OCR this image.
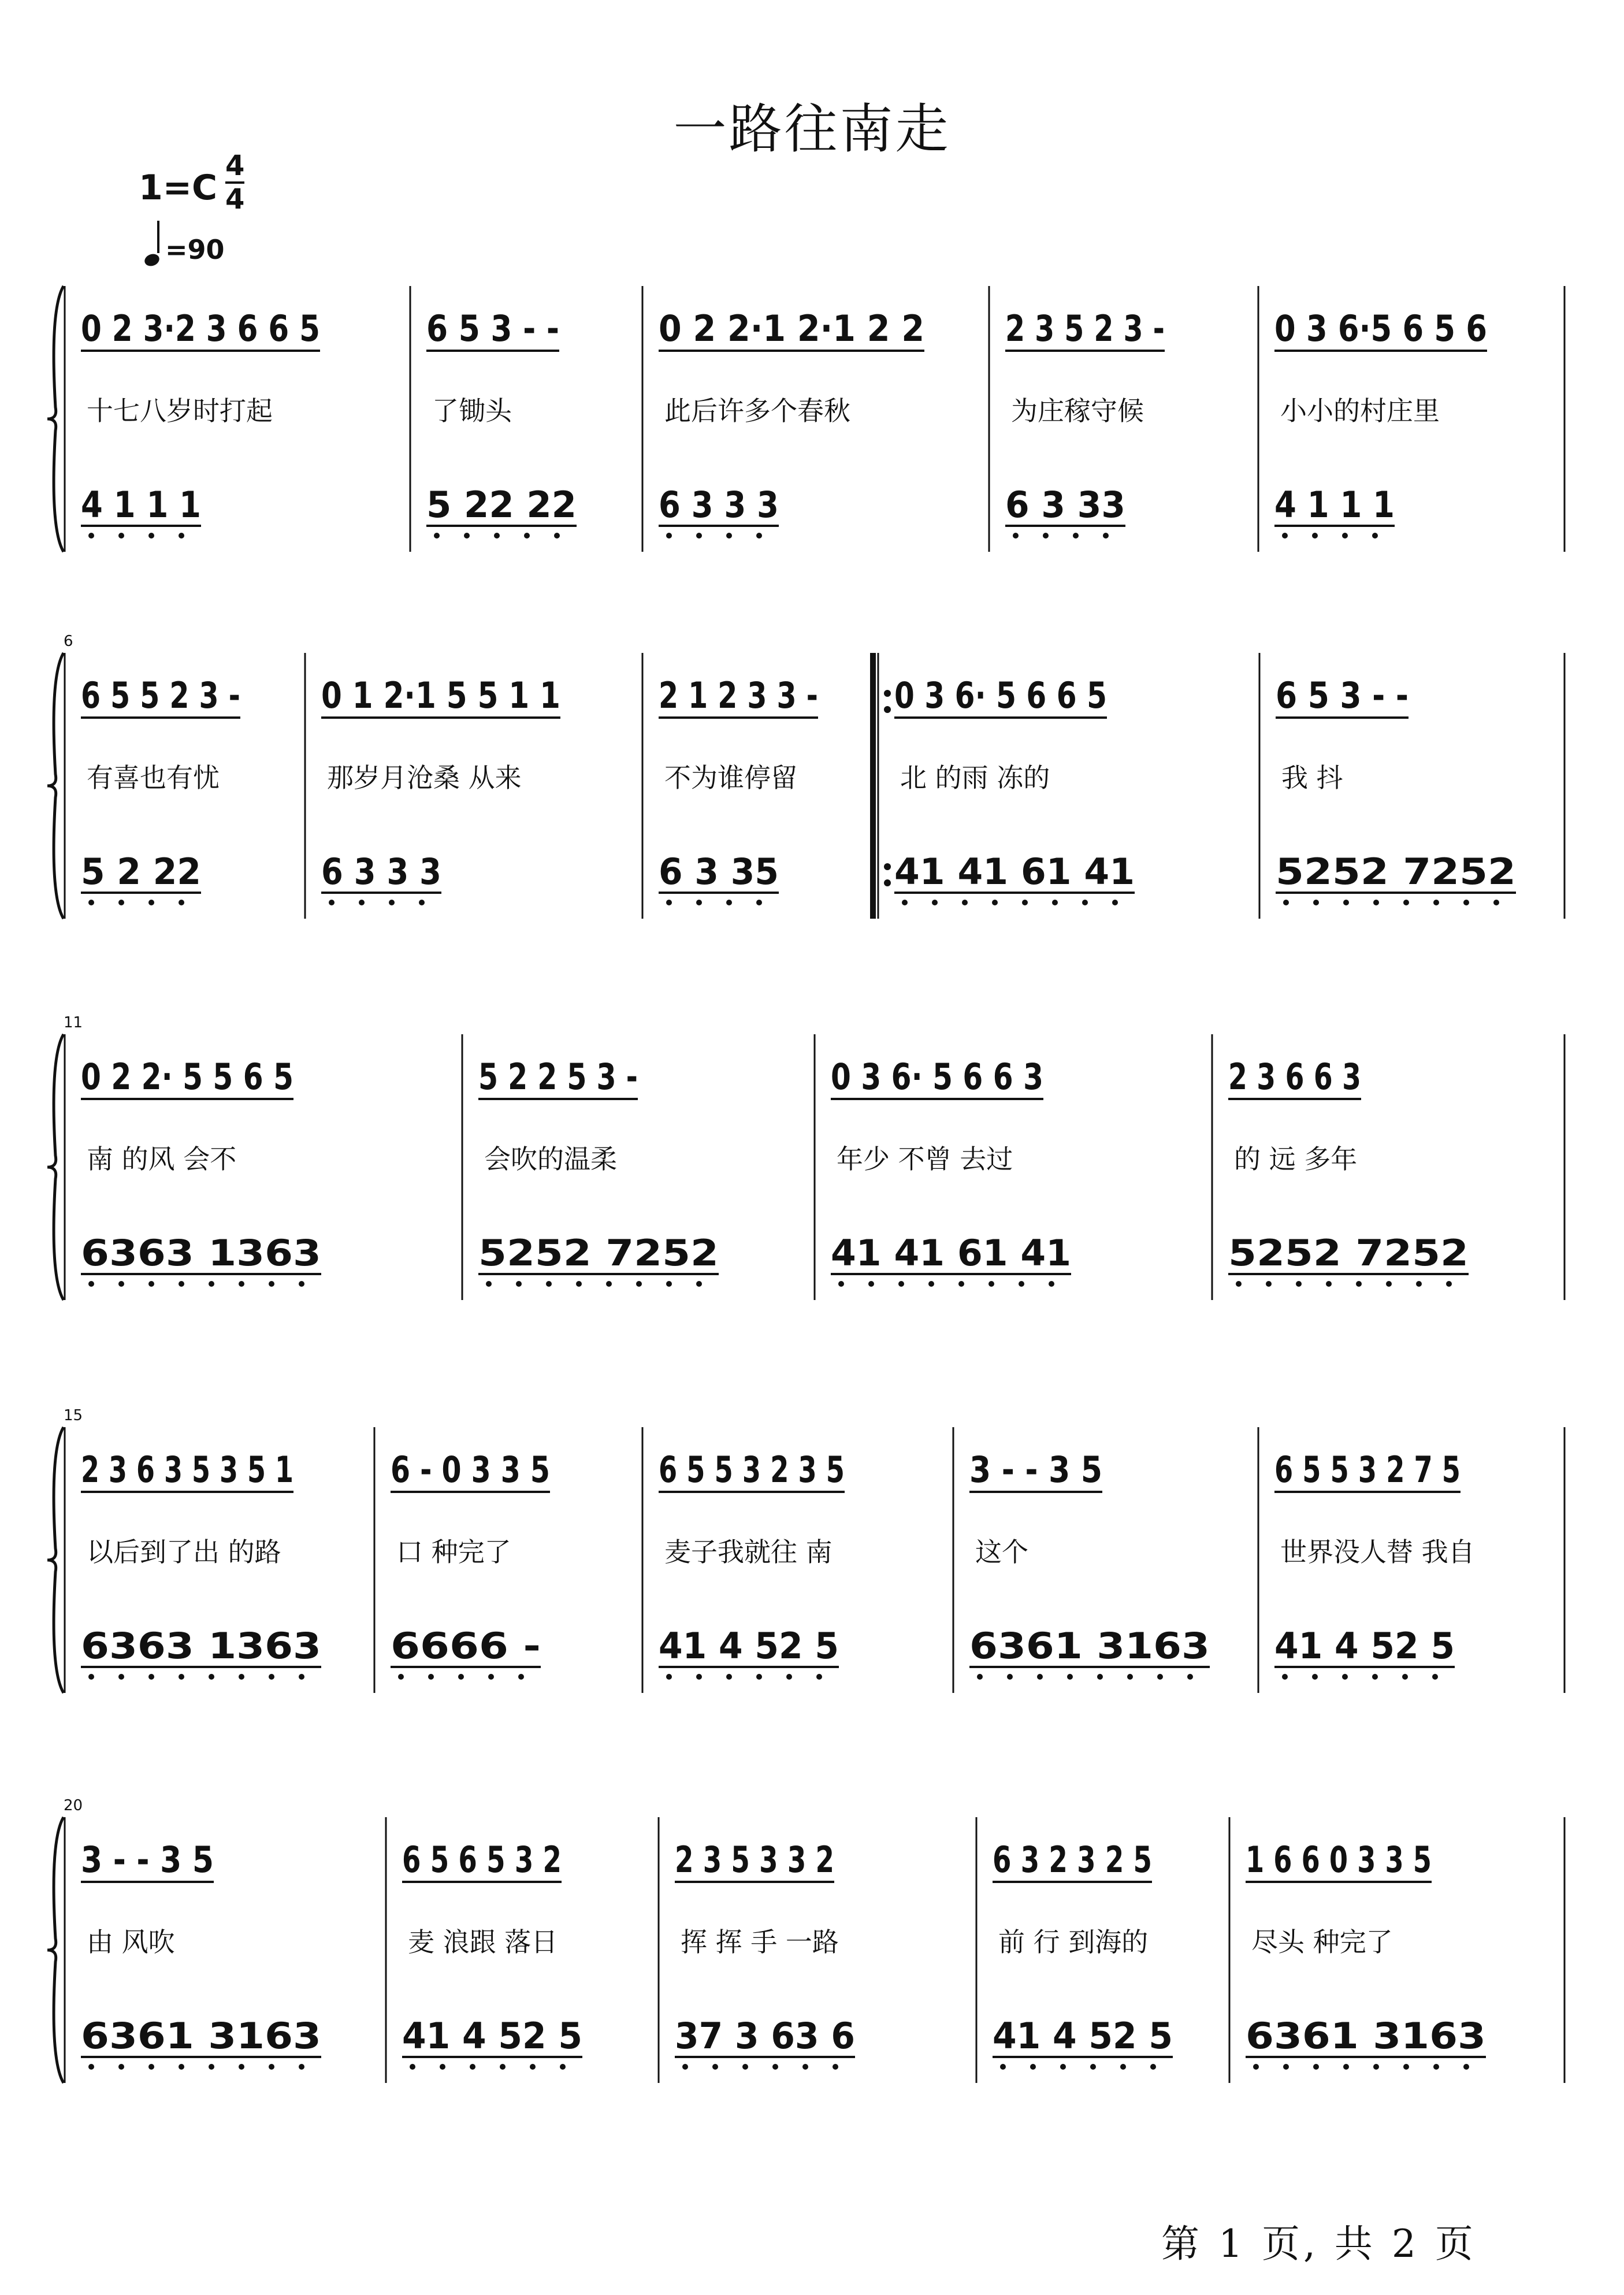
一路往南走
1=C
4
4
=90
0 2 3·2 3 6 6 5
十七八岁时打起
4 1 1 1
6 5 3 - -
了锄头
5 22 22
0 2 2·1 2·1 2 2
此后许多个春秋
6 3 3 3
2 3 5 2 3 -
为庄稼守候
6 3 33
0 3 6·5 6 5 6
小小的村庄里
4 1 1 1
6
6 5 5 2 3 -
有喜也有忧
5 2 22
0 1 2·1 5 5 1 1
那岁月沧桑 从来
6 3 3 3
2 1 2 3 3 -
不为谁停留
6 3 35
0 3 6· 5 6 6 5
北 的雨 冻的
41 41 61 41
6 5 3 - -
我 抖
5252 7252
11
0 2 2· 5 5 6 5
南 的风 会不
6363 1363
5 2 2 5 3 -
会吹的温柔
5252 7252
0 3 6· 5 6 6 3
年少 不曾 去过
41 41 61 41
2 3 6 6 3
的 远 多年
5252 7252
15
2 3 6 3 5 3 5 1
以后到了出 的路
6363 1363
6 - 0 3 3 5
口 种完了
6666 -
6 5 5 3 2 3 5
麦子我就往 南
41 4 52 5
3 - - 3 5
这个
6361 3163
6 5 5 3 2 7 5
世界没人替 我自
41 4 52 5
20
3 - - 3 5
由 风吹
6361 3163
6 5 6 5 3 2
麦 浪跟 落日
41 4 52 5
2 3 5 3 3 2
挥 挥 手 一路
37 3 63 6
6 3 2 3 2 5
前 行 到海的
41 4 52 5
1 6 6 0 3 3 5
尽头 种完了
6361 3163
第 1 页, 共 2 页
